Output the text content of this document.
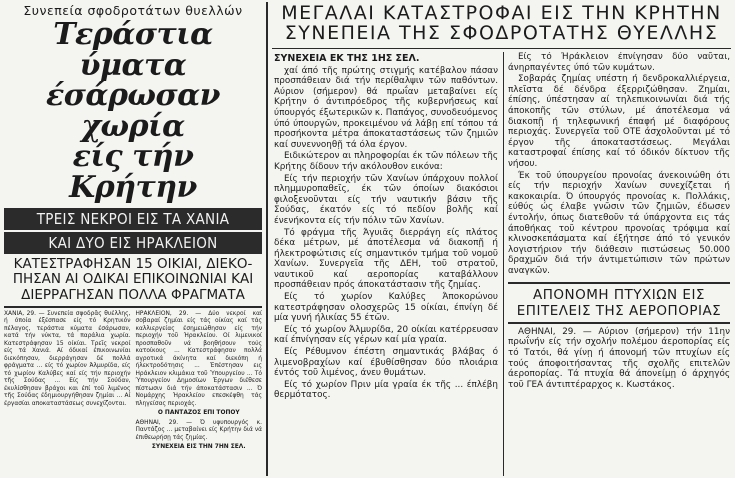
Συνεπεία σφοδροτάτων θυελλών
Τεράστια ύματα
έσάρωσαν χωρία
είς τήν Κρήτην
ΤΡΕΙΣ ΝΕΚΡΟΙ ΕΙΣ ΤΑ ΧΑΝΙΑ
ΚΑΙ ΔΥΟ ΕΙΣ ΗΡΑΚΛΕΙΟΝ
ΚΑΤΕΣΤΡΑΦΗΣΑΝ 15 ΟΙΚΙΑΙ, ΔΙΕΚΟ-ΠΗΣΑΝ ΑΙ ΟΔΙΚΑΙ ΕΠΙΚΟΙΝΩΝΙΑΙ ΚΑΙ ΔΙΕΡΡΑΓΗΣΑΝ ΠΟΛΛΑ ΦΡΑΓΜΑΤΑ
ΧΑΝΙΑ, 29. — Συνεπεία σφοδρᾶς θυέλλης, ή όποία έξέσπασε είς τό Κρητικόν πέλαγος, τεράστια κύματα έσάρωσαν, κατά τήν νύκτα, τά παράλια χωρία. Κατεστράφησαν 15 οίκίαι. Τρεῖς νεκροί είς τά Χανιά. Αί όδικαί έπικοινωνίαι διεκόπησαν, διερράγησαν δέ πολλά φράγματα ... είς τό χωρίον Άλμυρίδα, είς τό χωρίον Καλύβες καί είς τήν περιοχήν τῆς Σούδας ... Είς τήν Σούδαν, έκυλίσθησαν βράχοι και έπί τοῦ λιμένος τῆς Σούδας έδημιουργήθησαν ζημίαι ... Αί έργασίαι αποκαταστάσεως συνεχίζονται.
ΗΡΑΚΛΕΙΟΝ, 29. — Δύο νεκροί καί σοβαραί ζημίαι είς τάς οίκίας καί τάς καλλιεργείας έσημειώθησαν είς τήν περιοχήν τοῦ Ήρακλείου. Οί λιμενικοί προσπαθοῦν νά βοηθήσουν τούς κατοίκους ... Κατεστράφησαν πολλά αγροτικά άκίνητα καί διεκόπη ή ήλεκτροδότησις ... Έπέστησαν εις Ηράκλειον κλιμάκια τοῦ Ύπουργείου ... Τό Ύπουργείον Δημοσίων Έργων διέθεσε πίστωσιν διά τήν άποκατάστασιν ... Ό Νομάρχης Ήρακλείου επεσκέφθη τάς πληγείσας περιοχάς.
Ο ΠΑΝΤΑΖΟΣ ΕΠΙ ΤΟΠΟΥ
ΑΘΗΝΑΙ, 29. — Ό υφυπουργός κ. Παντάζος ... μεταβαίνει είς Κρήτην διά νά έπιθεωρήσῃ τάς ζημίας.
ΣΥΝΕΧΕΙΑ ΕΙΣ ΤΗΝ 7ΗΝ ΣΕΛ.
ΜΕΓΑΛΑΙ ΚΑΤΑΣΤΡΟΦΑΙ ΕΙΣ ΤΗΝ ΚΡΗΤΗΝ ΣΥΝΕΠΕΙΑ ΤΗΣ ΣΦΟΔΡΟΤΑΤΗΣ ΘΥΕΛΛΗΣ
ΣΥΝΕΧΕΙΑ ΕΚ ΤΗΣ 1ΗΣ ΣΕΛ.

χαί άπό τῆς πρώτης στιγμής κατέβαλον πάσαν προσπάθειαν διά τήν περίθαλψιν τῶν παθόντων. Αύριον (σήμερον) θά πρωΐαν μεταβαίνει είς Κρήτην ό άντιπρόεδρος τῆς κυβερνήσεως καί ύπουργός έξωτερικῶν κ. Παπάγος, συνοδευόμενος ύπό ύπουργῶν, προκειμένου νά λάβῃ επί τόπου τά προσήκοντα μέτρα άποκαταστάσεως τῶν ζημιῶν καί συνεννοηθῇ τά όλα έργον.

Ειδικώτερον αι πληροφορίαι έκ τῶν πόλεων τῆς Κρήτης δίδουν τήν ακόλουθον εικόνα:

Είς τήν περιοχήν τῶν Χανίων ύπάρχουν πολλοί πλημμυροπαθεῖς, έκ τῶν όποίων διακόσιοι φιλοξενοῦνται είς τήν ναυτικήν βάσιν τῆς Σούδας, έκατόν είς τό πεδίον βολῆς καί ένενήκοντα είς τήν πόλιν τῶν Χανίων.

Τό φράγμα τῆς Άγυιᾶς διερράγη είς πλάτος δέκα μέτρων, μέ άποτέλεσμα νά διακοπῇ ή ήλεκτροφώτισις είς σημαντικόν τμήμα τοῦ νομοῦ Χανίων. Συνεργεῖα τῆς ΔΕΗ, τοῦ στρατοῦ, ναυτικοῦ καί αεροπορίας καταβάλλουν προσπάθειαν πρός άποκατάστασιν τῆς ζημίας.

Είς τό χωρίον Καλύβες Άποκορώνου κατεστράφησαν ολοσχερῶς 15 οίκίαι, έπνίγη δέ μία γυνή ήλικίας 55 έτῶν.

Είς τό χωρίον Άλμυρίδα, 20 οίκίαι κατέρρευσαν καί έπνίγησαν είς γέρων καί μία γραία.

Είς Ρέθυμνον έπέστη σημαντικάς βλάβας ό λιμενοβραχίων καί έβυθίσθησαν δύο πλοιάρια έντός τοῦ λιμένος, άνευ θυμάτων.

Είς τό χωρίον Πριν μία γραία έκ τῆς ... έπλέβη θερμότατος.

Είς τό Ήράκλειον έπνίγησαν δύο ναῦται, άνηρπαγέντες ύπό τῶν κυμάτων.

Σοβαράς ζημίας υπέστη ή δενδροκαλλιέργεια, πλεῖστα δέ δένδρα έξερριζώθησαν. Ζημίαι, έπίσης, ύπέστησαν αί τηλεπικοινωνίαι διά τής άποκοπῆς τῶν στύλων, μέ άποτέλεσμα νά διακοπῇ ή τηλεφωνική έπαφή μέ διαφόρους περιοχάς. Συνεργεῖα τοῦ ΟΤΕ άσχολοῦνται μέ τό έργον τῆς άποκαταστάσεως. Μεγάλαι καταστροφαί έπίσης καί τό όδικόν δίκτυον τῆς νήσου.

Έκ τοῦ ύπουργείου προνοίας άνεκοινώθη ότι είς τήν περιοχήν Χανίων συνεχίζεται ή κακοκαιρία. Ό ύπουργός προνοίας κ. Πολλάκις, εύθύς ώς έλαβε γνῶσιν τῶν ζημιῶν, έδωσεν έντολήν, όπως διατεθοῦν τά ύπάρχοντα εις τάς άποθήκας τοῦ κέντρου προνοίας τρόφιμα καί κλινοσκεπάσματα καί έξήτησε άπό τό γενικόν λογιστήριον τήν διάθεσιν πιστώσεως 50.000 δραχμῶν διά τήν άντιμετώπισιν τῶν πρώτων αναγκῶν.

ΑΠΟΝΟΜΗ ΠΤΥΧΙΩΝ ΕΙΣ ΕΠΙΤΕΛΕΙΣ ΤΗΣ ΑΕΡΟΠΟΡΙΑΣ

ΑΘΗΝΑΙ, 29. — Αύριον (σήμερον) τήν 11ην πρωΐνήν είς τήν σχολήν πολέμου άεροπορίας είς τό Τατόι, θά γίνῃ ή άπονομή τῶν πτυχίων είς τούς άποφοιτήσαντας τῆς σχολῆς επιτελῶν άεροπορίας. Τά πτυχία θά άπονείμῃ ό άρχηγός τοῦ ΓΕΑ άντιπτέραρχος κ. Κωστάκος.
